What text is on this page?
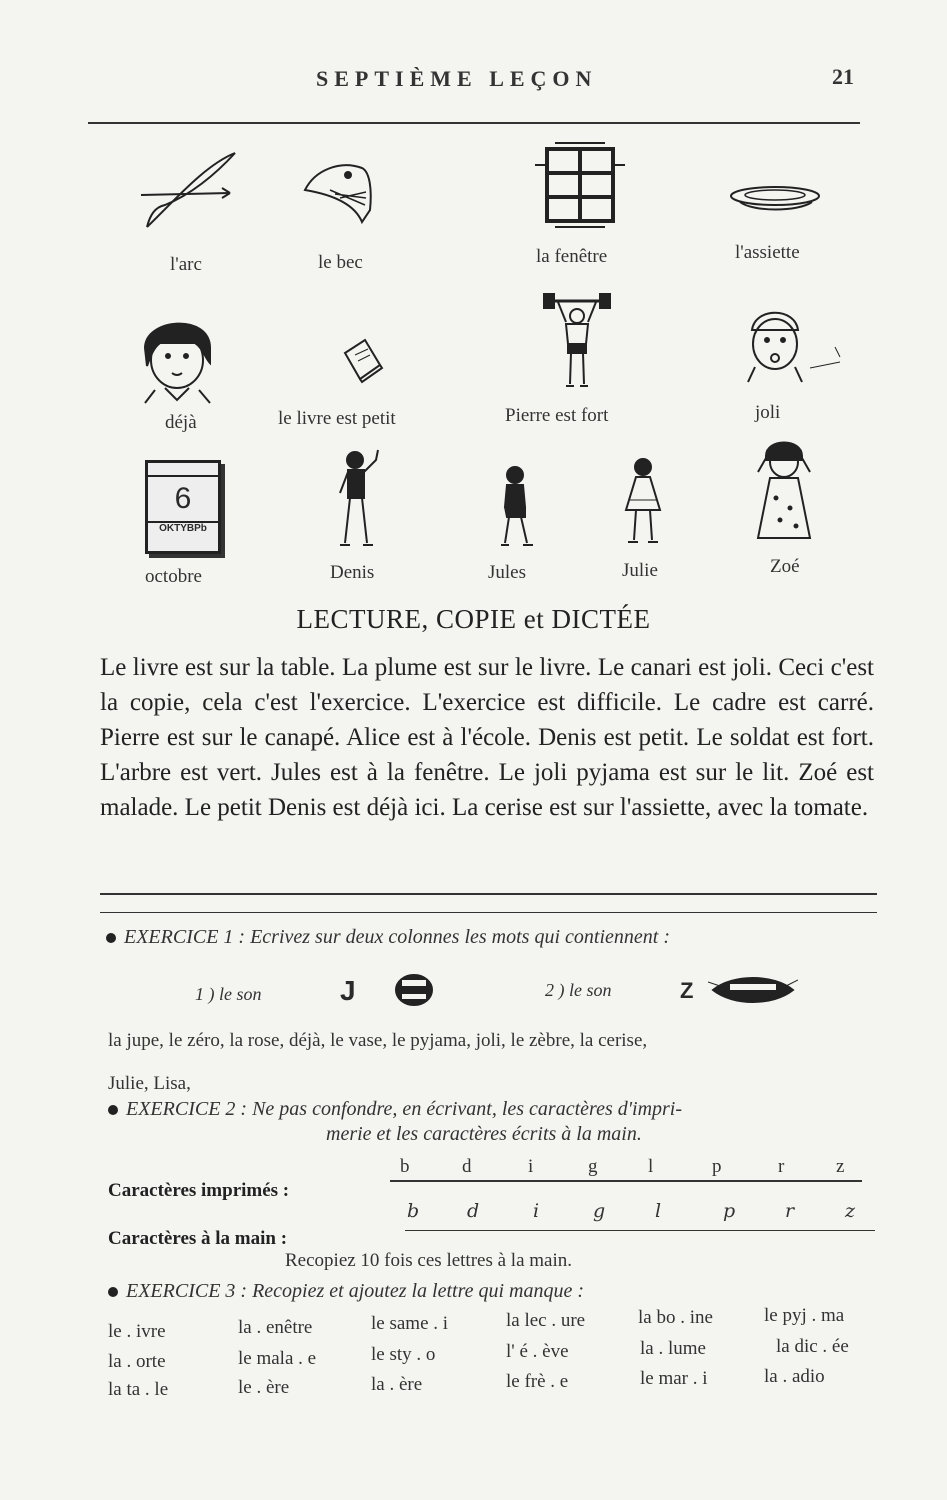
SEPTIÈME LEÇON	21
l'arc	le bec	la fenêtre	l'assiette
déjà	le livre est petit	Pierre est fort	joli
6
OKTYBPb
octobre	Denis	Jules	Julie	Zoé
LECTURE, COPIE et DICTÉE
Le livre est sur la table. La plume est sur le livre. Le canari est joli. Ceci c'est la copie, cela c'est l'exercice. L'exercice est difficile. Le cadre est carré. Pierre est sur le canapé. Alice est à l'école. Denis est petit. Le soldat est fort. L'arbre est vert. Jules est à la fenêtre. Le joli pyjama est sur le lit. Zoé est malade. Le petit Denis est déjà ici. La cerise est sur l'assiette, avec la tomate.
EXERCICE 1 : Ecrivez sur deux colonnes les mots qui contiennent :
1 ) le son	J	2 ) le son	Z
la jupe, le zéro, la rose, déjà, le vase, le pyjama, joli, le zèbre, la cerise,
Julie, Lisa,
EXERCICE 2 : Ne pas confondre, en écrivant, les caractères d'impri-
merie et les caractères écrits à la main.
Caractères imprimés :
b	d	i	g	l	p	r	z
Caractères à la main :
b	d	i	g	l	p	r	z
Recopiez 10 fois ces lettres à la main.
EXERCICE 3 : Recopiez et ajoutez la lettre qui manque :
le . ivre	la . enêtre	le same . i	la lec . ure	la bo . ine	le pyj . ma
la . orte	le mala . e	le sty . o	l' é . ève	la . lume	la dic . ée
la ta . le	le . ère	la . ère	le frè . e	le mar . i	la . adio
